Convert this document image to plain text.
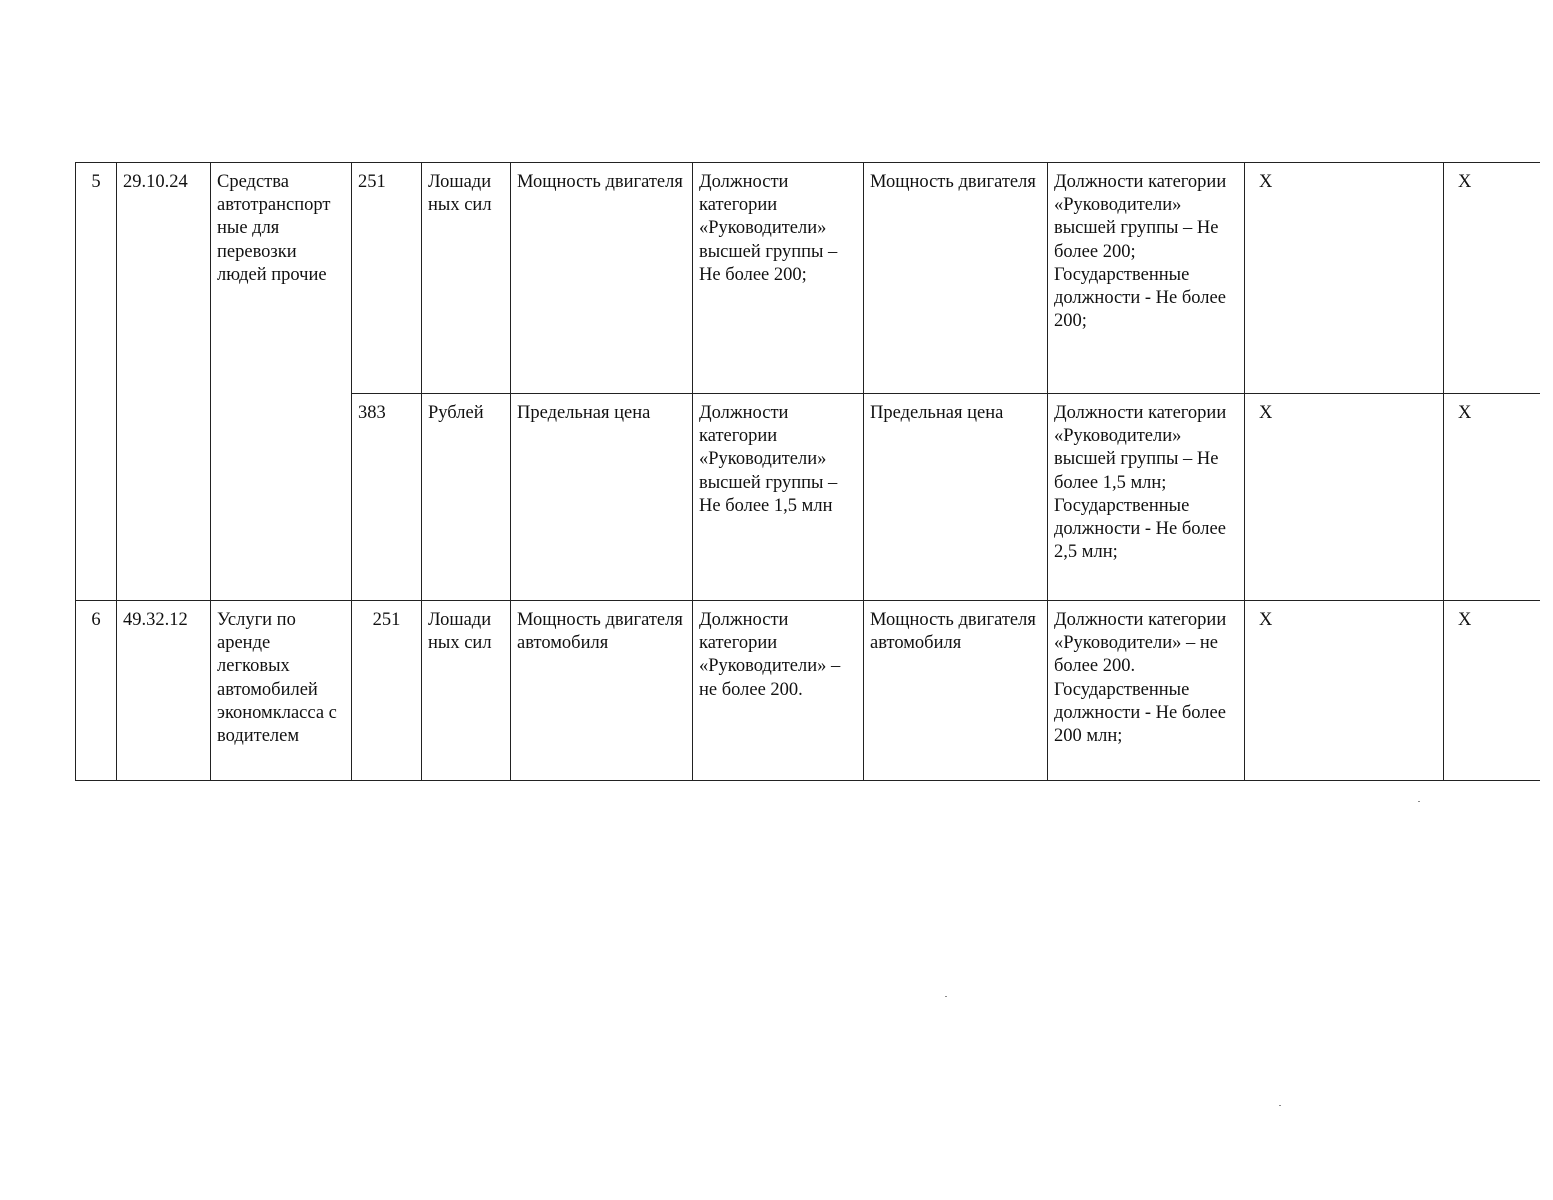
5	29.10.24	Средства автотранспорт ные для перевозки людей прочие	251	Лошади ных сил	Мощность двигателя	Должности категории «Руководители» высшей группы – Не более 200;	Мощность двигателя	Должности категории «Руководители» высшей группы – Не более 200; Государственные должности - Не более 200;	X	X
			383	Рублей	Предельная цена	Должности категории «Руководители» высшей группы – Не более 1,5 млн	Предельная цена	Должности категории «Руководители» высшей группы – Не более 1,5 млн; Государственные должности - Не более 2,5 млн;	X	X
6	49.32.12	Услуги по аренде легковых автомобилей экономкласса с водителем	251	Лошади ных сил	Мощность двигателя автомобиля	Должности категории «Руководители» – не более 200.	Мощность двигателя автомобиля	Должности категории «Руководители» – не более 200. Государственные должности - Не более 200 млн;	X	X
